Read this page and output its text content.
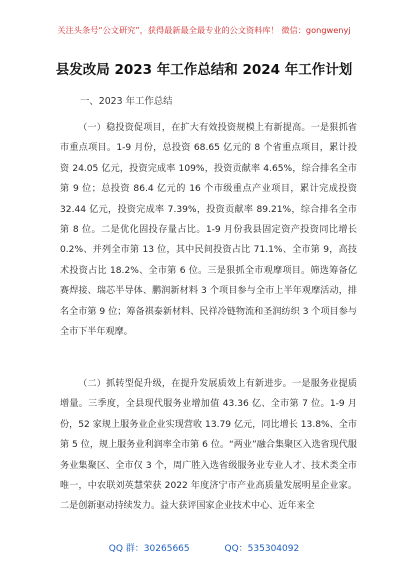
关注头条号“公文研究”，获得最新最全最专业的公文资料库！ 微信：gongwenyj
县发改局 2023 年工作总结和 2024 年工作计划
一、2023 年工作总结

（一）稳投资促项目，在扩大有效投资规模上有新提高。一是狠抓省市重点项目。1-9 月份，总投资 68.65 亿元的 8 个省重点项目，累计投资 24.05 亿元，投资完成率 109%，投资贡献率 4.65%，综合排名全市第 9 位；总投资 86.4 亿元的 16 个市级重点产业项目，累计完成投资 32.44 亿元，投资完成率 7.39%，投资贡献率 89.21%，综合排名全市第 8 位。二是优化固投存量占比。1-9 月份我县固定资产投资同比增长 0.2%、并列全市第 13 位，其中民间投资占比 71.1%、全市第 9，高技术投资占比 18.2%、全市第 6 位。三是狠抓全市观摩项目。筛选筹备亿赛焊接、瑞芯半导体、鹏润新材料 3 个项目参与全市上半年观摩活动，排名全市第 9 位；筹备祺泰新材料、民祥冷链物流和圣润纺织 3 个项目参与全市下半年观摩。

（二）抓转型促升级，在提升发展质效上有新进步。一是服务业提质增量。三季度，全县现代服务业增加值 43.36 亿、全市第 7 位。1-9 月份，52 家规上服务业企业实现营收 13.79 亿元，同比增长 13.8%、全市第 5 位，规上服务业利润率全市第 6 位。“两业”融合集聚区入选省现代服务业集聚区、全市仅 3 个，周广胜入选省级服务业专业人才、技术类全市唯一，中农联刘英慧荣获 2022 年度济宁市产业高质量发展明星企业家。二是创新驱动持续发力。益大获评国家企业技术中心、近年来全

QQ 群：30265665	QQ：535304092
